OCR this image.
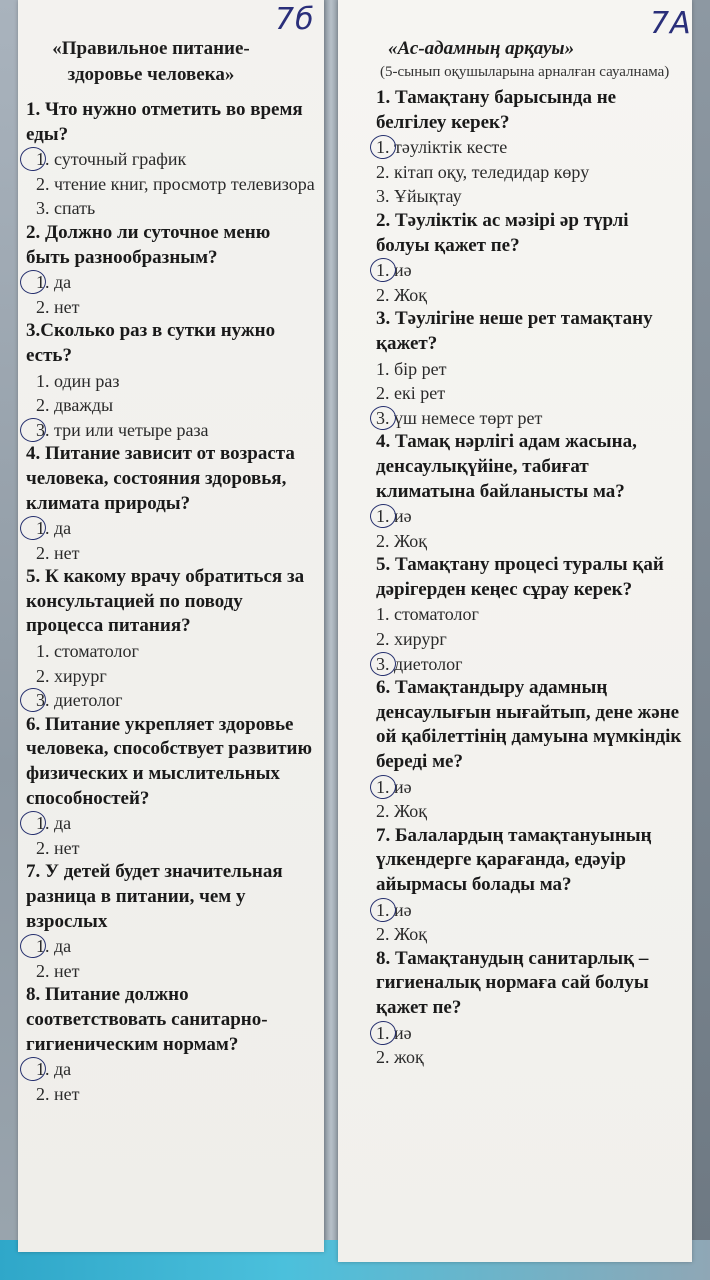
7б	7А
«Правильное питание- здоровье человека»
1. Что нужно отметить во время еды?
1. суточный график
2. чтение книг, просмотр телевизора
3. спать
2. Должно ли суточное меню быть разнообразным?
1. да
2. нет
3.Сколько раз в сутки нужно есть?
1. один раз
2. дважды
3. три или четыре раза
4. Питание зависит от возраста человека, состояния здоровья, климата природы?
1. да
2. нет
5. К какому врачу обратиться за консультацией по поводу процесса питания?
1. стоматолог
2. хирург
3. диетолог
6. Питание укрепляет здоровье человека, способствует развитию физических и мыслительных способностей?
1. да
2. нет
7. У детей будет значительная разница в питании, чем у взрослых
1. да
2. нет
8. Питание должно соответствовать санитарно-гигиеническим нормам?
1. да
2. нет
«Ас-адамның арқауы»
(5-сынып оқушыларына арналған сауалнама)
1. Тамақтану барысында не белгілеу керек?
1. тәуліктік кесте
2. кітап оқу, теледидар көру
3. Ұйықтау
2. Тәуліктік ас мәзірі әр түрлі болуы қажет пе?
1. иә
2. Жоқ
3. Тәулігіне неше рет тамақтану қажет?
1. бір рет
2. екі рет
3. үш немесе төрт рет
4. Тамақ нәрлігі адам жасына, денсаулықүйіне, табиғат климатына байланысты ма?
1. иә
2. Жоқ
5. Тамақтану процесі туралы қай дәрігерден кеңес сұрау керек?
1. стоматолог
2. хирург
3. диетолог
6. Тамақтандыру адамның денсаулығын нығайтып, дене және ой қабілеттінің дамуына мүмкіндік береді ме?
1. иә
2. Жоқ
7. Балалардың тамақтануының үлкендерге қарағанда, едәуір айырмасы болады ма?
1. иә
2. Жоқ
8. Тамақтанудың санитарлық – гигиеналық нормаға сай болуы қажет пе?
1. иә
2. жоқ
